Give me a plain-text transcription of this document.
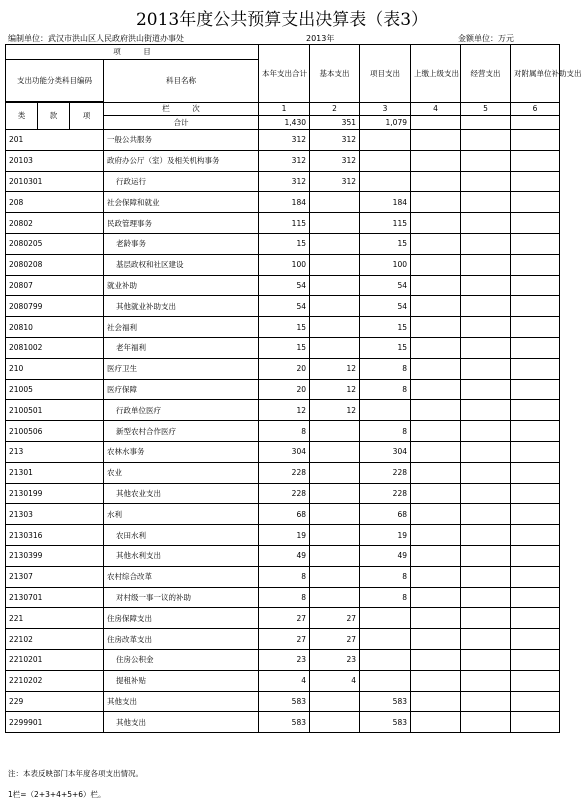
2013年度公共预算支出决算表（表3）
编制单位：武汉市洪山区人民政府洪山街道办事处	2013年	金额单位：万元
项　　　目				本年支出合计	基本支出	项目支出	上缴上级支出	经营支出	对附属单位补助支出
支出功能分类科目编码			科目名称						

类	款	项	栏　　　次	1	2	3	4	5	6
			合计	1,430	351	1,079			
201			一般公共服务	312	312				
20103			政府办公厅（室）及相关机构事务	312	312				
2010301			行政运行	312	312				
208			社会保障和就业	184		184			
20802			民政管理事务	115		115			
2080205			老龄事务	15		15			
2080208			基层政权和社区建设	100		100			
20807			就业补助	54		54			
2080799			其他就业补助支出	54		54			
20810			社会福利	15		15			
2081002			老年福利	15		15			
210			医疗卫生	20	12	8			
21005			医疗保障	20	12	8			
2100501			行政单位医疗	12	12				
2100506			新型农村合作医疗	8		8			
213			农林水事务	304		304			
21301			农业	228		228			
2130199			其他农业支出	228		228			
21303			水利	68		68			
2130316			农田水利	19		19			
2130399			其他水利支出	49		49			
21307			农村综合改革	8		8			
2130701			对村级一事一议的补助	8		8			
221			住房保障支出	27	27				
22102			住房改革支出	27	27				
2210201			住房公积金	23	23				
2210202			提租补贴	4	4				
229			其他支出	583		583			
2299901			其他支出	583		583			
注：本表反映部门本年度各项支出情况。
1栏=（2+3+4+5+6）栏。
